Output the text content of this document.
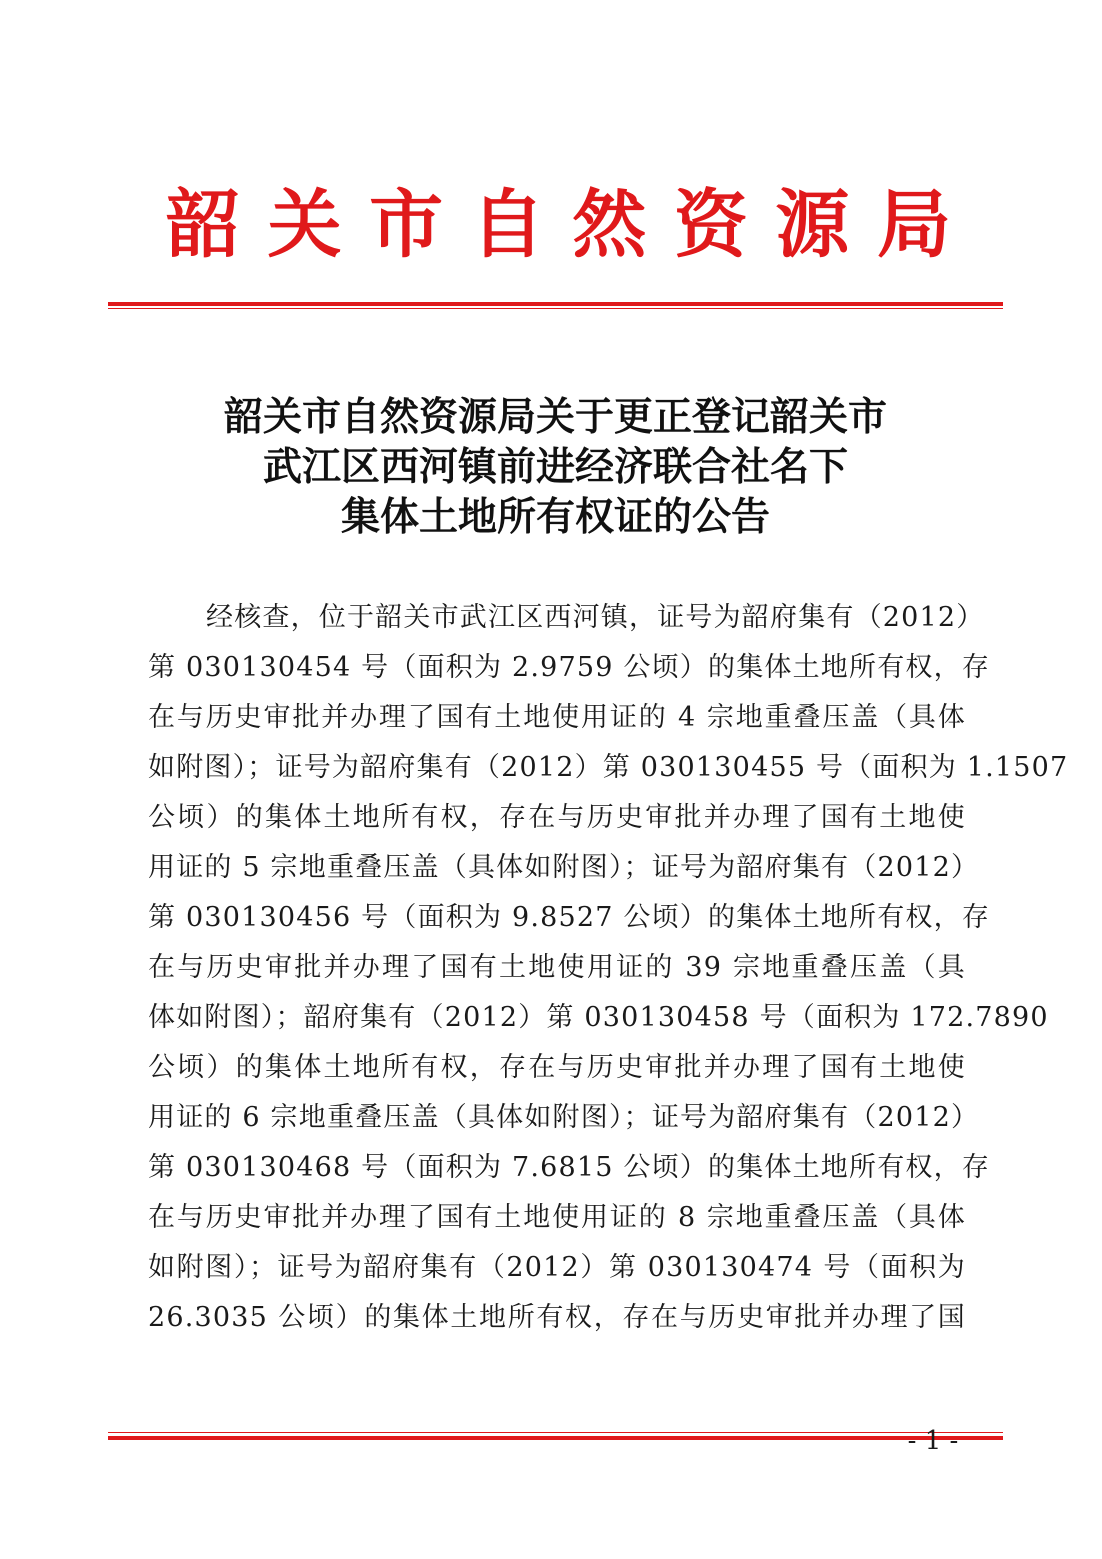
韶 关 市 自 然 资 源 局
韶关市自然资源局关于更正登记韶关市
武江区西河镇前进经济联合社名下
集体土地所有权证的公告
经核查，位于韶关市武江区西河镇，证号为韶府集有（2012）
第 030130454 号（面积为 2.9759 公顷）的集体土地所有权，存
在与历史审批并办理了国有土地使用证的 4 宗地重叠压盖（具体
如附图）；证号为韶府集有（2012）第 030130455 号（面积为 1.1507
公顷）的集体土地所有权，存在与历史审批并办理了国有土地使
用证的 5 宗地重叠压盖（具体如附图）；证号为韶府集有（2012）
第 030130456 号（面积为 9.8527 公顷）的集体土地所有权，存
在与历史审批并办理了国有土地使用证的 39 宗地重叠压盖（具
体如附图）；韶府集有（2012）第 030130458 号（面积为 172.7890
公顷）的集体土地所有权，存在与历史审批并办理了国有土地使
用证的 6 宗地重叠压盖（具体如附图）；证号为韶府集有（2012）
第 030130468 号（面积为 7.6815 公顷）的集体土地所有权，存
在与历史审批并办理了国有土地使用证的 8 宗地重叠压盖（具体
如附图）；证号为韶府集有（2012）第 030130474 号（面积为
26.3035 公顷）的集体土地所有权，存在与历史审批并办理了国
- 1 -
